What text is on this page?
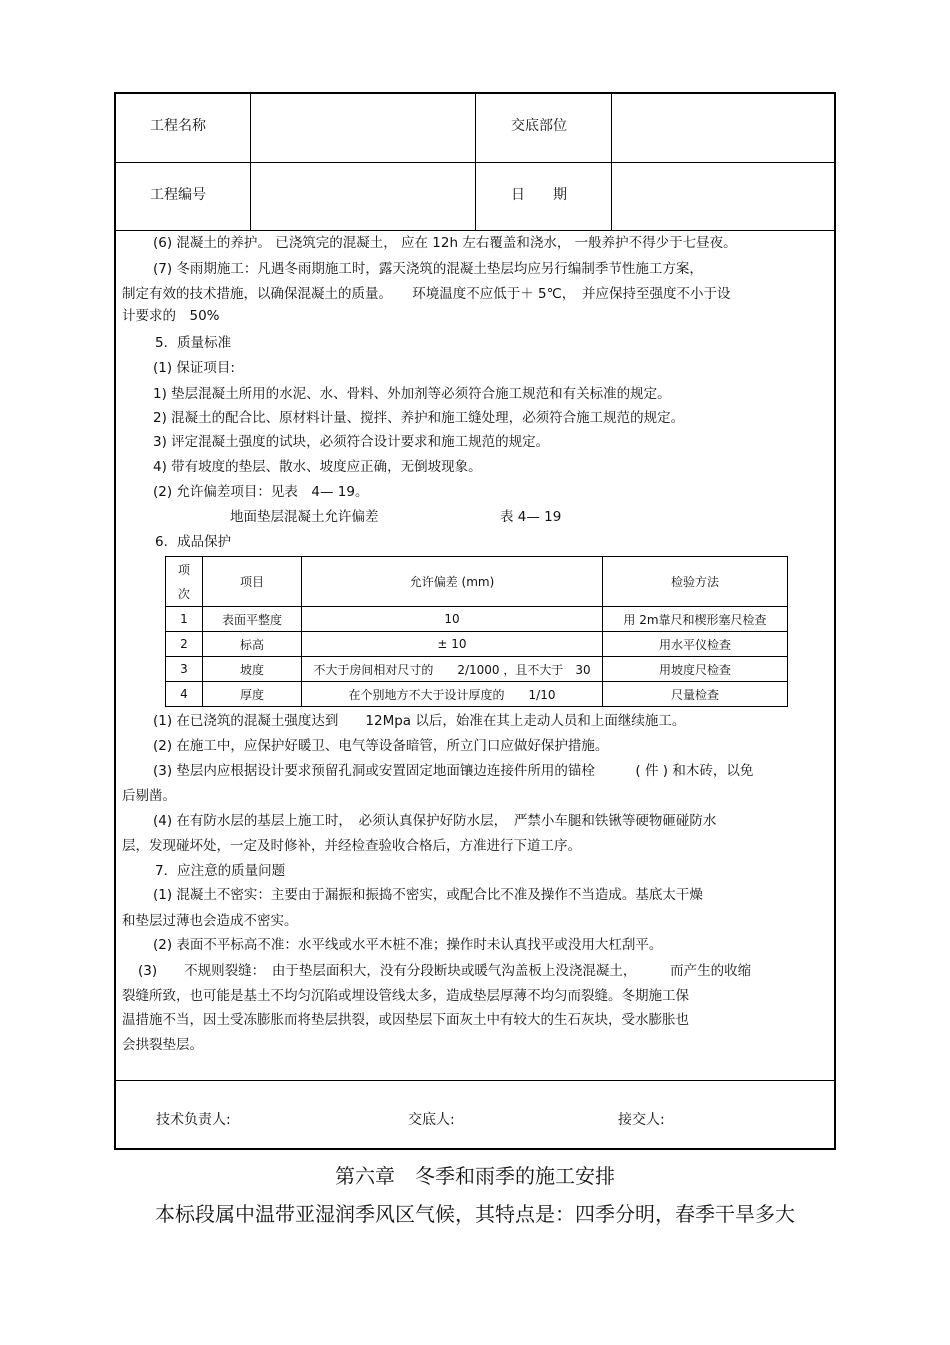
工程名称	交底部位
工程编号	日　　期
(6) 混凝土的养护。 已浇筑完的混凝土， 应在 12h 左右覆盖和浇水， 一般养护不得少于七昼夜。
(7) 冬雨期施工：凡遇冬雨期施工时，露天浇筑的混凝土垫层均应另行编制季节性施工方案，
制定有效的技术措施，以确保混凝土的质量。　　环境温度不应低于＋ 5℃，　并应保持至强度不小于设
计要求的　50%
5．质量标准
(1) 保证项目:
1) 垫层混凝土所用的水泥、水、骨料、外加剂等必须符合施工规范和有关标准的规定。
2) 混凝土的配合比、原材料计量、搅拌、养护和施工缝处理，必须符合施工规范的规定。
3) 评定混凝土强度的试块，必须符合设计要求和施工规范的规定。
4) 带有坡度的垫层、散水、坡度应正确，无倒坡现象。
(2) 允许偏差项目：见表　4— 19。
地面垫层混凝土允许偏差　　　　　　　　　表 4— 19
6．成品保护
项
次	项目	允许偏差 (mm)	检验方法
1	表面平整度	10	用 2m靠尺和楔形塞尺检查
2	标高	± 10	用水平仪检查
3	坡度	不大于房间相对尺寸的　　2/1000 ，且不大于　30	用坡度尺检查
4	厚度	在个别地方不大于设计厚度的　　1/10	尺量检查
(1) 在已浇筑的混凝土强度达到　　12Mpa 以后，始准在其上走动人员和上面继续施工。
(2) 在施工中，应保护好暖卫、电气等设备暗管，所立门口应做好保护措施。
(3) 垫层内应根据设计要求预留孔洞或安置固定地面镶边连接件所用的锚栓　　　( 件 ) 和木砖，以免
后剔凿。
(4) 在有防水层的基层上施工时，　必须认真保护好防水层，　严禁小车腿和铁锹等硬物砸碰防水
层，发现碰坏处，一定及时修补，并经检查验收合格后，方准进行下道工序。
7．应注意的质量问题
(1) 混凝土不密实：主要由于漏振和振捣不密实，或配合比不准及操作不当造成。基底太干燥
和垫层过薄也会造成不密实。
(2) 表面不平标高不准：水平线或水平木桩不准；操作时未认真找平或没用大杠刮平。
(3)　　不规则裂缝：　由于垫层面积大，没有分段断块或暖气沟盖板上没浇混凝土，　　　而产生的收缩
裂缝所致，也可能是基土不均匀沉陷或埋设管线太多，造成垫层厚薄不均匀而裂缝。冬期施工保
温措施不当，因土受冻膨胀而将垫层拱裂，或因垫层下面灰土中有较大的生石灰块，受水膨胀也
会拱裂垫层。
技术负责人:	交底人:	接交人:
第六章　冬季和雨季的施工安排
本标段属中温带亚湿润季风区气候，其特点是：四季分明，春季干旱多大
